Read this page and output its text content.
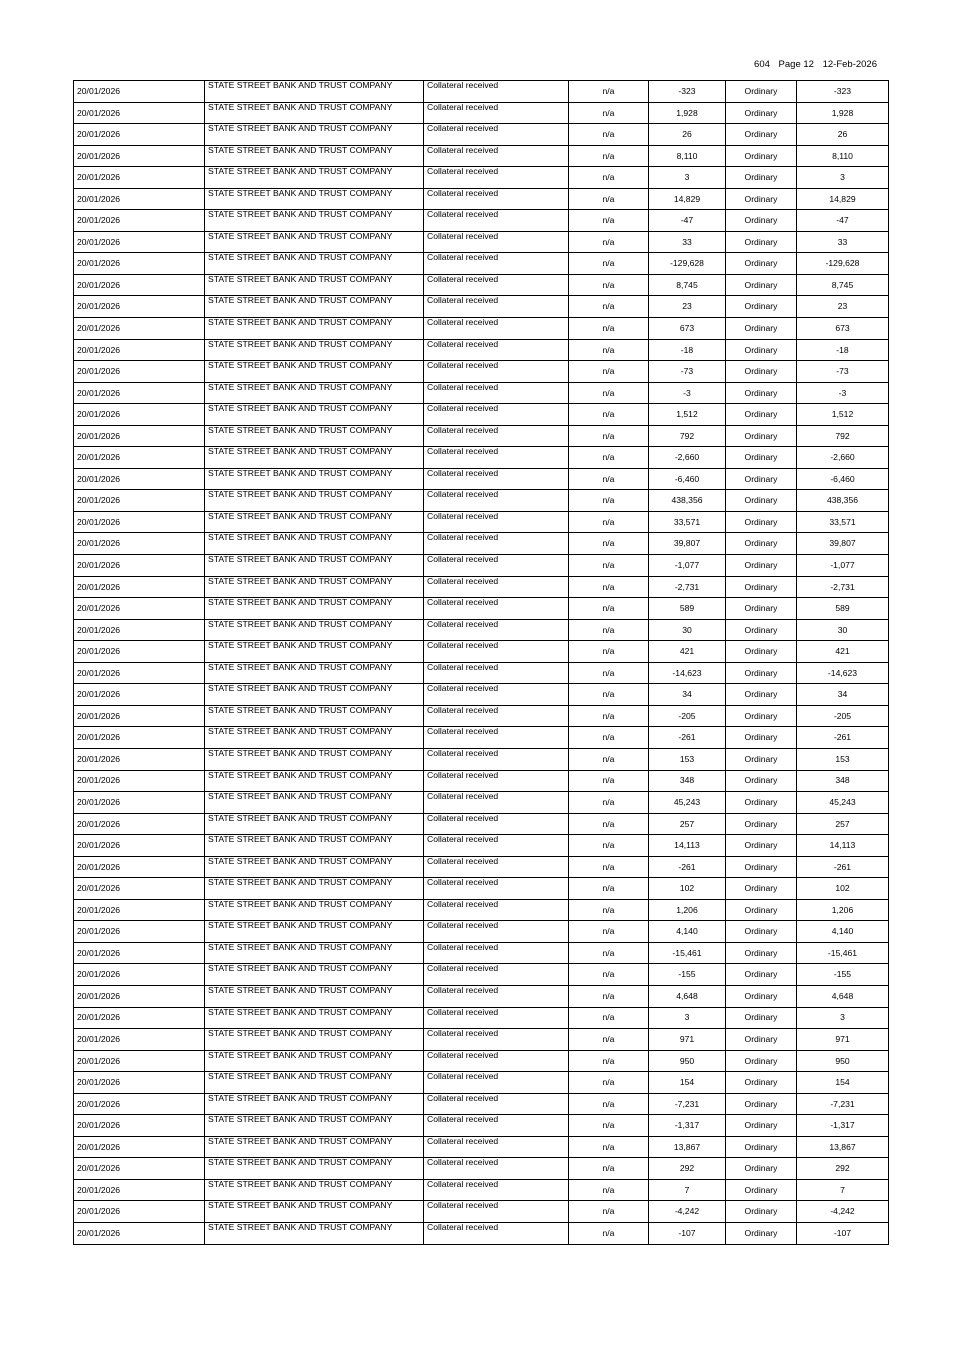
604 Page 12 12-Feb-2026
20/01/2026	STATE STREET BANK AND TRUST COMPANY	Collateral received	n/a	-323	Ordinary	-323
20/01/2026	STATE STREET BANK AND TRUST COMPANY	Collateral received	n/a	1,928	Ordinary	1,928
20/01/2026	STATE STREET BANK AND TRUST COMPANY	Collateral received	n/a	26	Ordinary	26
20/01/2026	STATE STREET BANK AND TRUST COMPANY	Collateral received	n/a	8,110	Ordinary	8,110
20/01/2026	STATE STREET BANK AND TRUST COMPANY	Collateral received	n/a	3	Ordinary	3
20/01/2026	STATE STREET BANK AND TRUST COMPANY	Collateral received	n/a	14,829	Ordinary	14,829
20/01/2026	STATE STREET BANK AND TRUST COMPANY	Collateral received	n/a	-47	Ordinary	-47
20/01/2026	STATE STREET BANK AND TRUST COMPANY	Collateral received	n/a	33	Ordinary	33
20/01/2026	STATE STREET BANK AND TRUST COMPANY	Collateral received	n/a	-129,628	Ordinary	-129,628
20/01/2026	STATE STREET BANK AND TRUST COMPANY	Collateral received	n/a	8,745	Ordinary	8,745
20/01/2026	STATE STREET BANK AND TRUST COMPANY	Collateral received	n/a	23	Ordinary	23
20/01/2026	STATE STREET BANK AND TRUST COMPANY	Collateral received	n/a	673	Ordinary	673
20/01/2026	STATE STREET BANK AND TRUST COMPANY	Collateral received	n/a	-18	Ordinary	-18
20/01/2026	STATE STREET BANK AND TRUST COMPANY	Collateral received	n/a	-73	Ordinary	-73
20/01/2026	STATE STREET BANK AND TRUST COMPANY	Collateral received	n/a	-3	Ordinary	-3
20/01/2026	STATE STREET BANK AND TRUST COMPANY	Collateral received	n/a	1,512	Ordinary	1,512
20/01/2026	STATE STREET BANK AND TRUST COMPANY	Collateral received	n/a	792	Ordinary	792
20/01/2026	STATE STREET BANK AND TRUST COMPANY	Collateral received	n/a	-2,660	Ordinary	-2,660
20/01/2026	STATE STREET BANK AND TRUST COMPANY	Collateral received	n/a	-6,460	Ordinary	-6,460
20/01/2026	STATE STREET BANK AND TRUST COMPANY	Collateral received	n/a	438,356	Ordinary	438,356
20/01/2026	STATE STREET BANK AND TRUST COMPANY	Collateral received	n/a	33,571	Ordinary	33,571
20/01/2026	STATE STREET BANK AND TRUST COMPANY	Collateral received	n/a	39,807	Ordinary	39,807
20/01/2026	STATE STREET BANK AND TRUST COMPANY	Collateral received	n/a	-1,077	Ordinary	-1,077
20/01/2026	STATE STREET BANK AND TRUST COMPANY	Collateral received	n/a	-2,731	Ordinary	-2,731
20/01/2026	STATE STREET BANK AND TRUST COMPANY	Collateral received	n/a	589	Ordinary	589
20/01/2026	STATE STREET BANK AND TRUST COMPANY	Collateral received	n/a	30	Ordinary	30
20/01/2026	STATE STREET BANK AND TRUST COMPANY	Collateral received	n/a	421	Ordinary	421
20/01/2026	STATE STREET BANK AND TRUST COMPANY	Collateral received	n/a	-14,623	Ordinary	-14,623
20/01/2026	STATE STREET BANK AND TRUST COMPANY	Collateral received	n/a	34	Ordinary	34
20/01/2026	STATE STREET BANK AND TRUST COMPANY	Collateral received	n/a	-205	Ordinary	-205
20/01/2026	STATE STREET BANK AND TRUST COMPANY	Collateral received	n/a	-261	Ordinary	-261
20/01/2026	STATE STREET BANK AND TRUST COMPANY	Collateral received	n/a	153	Ordinary	153
20/01/2026	STATE STREET BANK AND TRUST COMPANY	Collateral received	n/a	348	Ordinary	348
20/01/2026	STATE STREET BANK AND TRUST COMPANY	Collateral received	n/a	45,243	Ordinary	45,243
20/01/2026	STATE STREET BANK AND TRUST COMPANY	Collateral received	n/a	257	Ordinary	257
20/01/2026	STATE STREET BANK AND TRUST COMPANY	Collateral received	n/a	14,113	Ordinary	14,113
20/01/2026	STATE STREET BANK AND TRUST COMPANY	Collateral received	n/a	-261	Ordinary	-261
20/01/2026	STATE STREET BANK AND TRUST COMPANY	Collateral received	n/a	102	Ordinary	102
20/01/2026	STATE STREET BANK AND TRUST COMPANY	Collateral received	n/a	1,206	Ordinary	1,206
20/01/2026	STATE STREET BANK AND TRUST COMPANY	Collateral received	n/a	4,140	Ordinary	4,140
20/01/2026	STATE STREET BANK AND TRUST COMPANY	Collateral received	n/a	-15,461	Ordinary	-15,461
20/01/2026	STATE STREET BANK AND TRUST COMPANY	Collateral received	n/a	-155	Ordinary	-155
20/01/2026	STATE STREET BANK AND TRUST COMPANY	Collateral received	n/a	4,648	Ordinary	4,648
20/01/2026	STATE STREET BANK AND TRUST COMPANY	Collateral received	n/a	3	Ordinary	3
20/01/2026	STATE STREET BANK AND TRUST COMPANY	Collateral received	n/a	971	Ordinary	971
20/01/2026	STATE STREET BANK AND TRUST COMPANY	Collateral received	n/a	950	Ordinary	950
20/01/2026	STATE STREET BANK AND TRUST COMPANY	Collateral received	n/a	154	Ordinary	154
20/01/2026	STATE STREET BANK AND TRUST COMPANY	Collateral received	n/a	-7,231	Ordinary	-7,231
20/01/2026	STATE STREET BANK AND TRUST COMPANY	Collateral received	n/a	-1,317	Ordinary	-1,317
20/01/2026	STATE STREET BANK AND TRUST COMPANY	Collateral received	n/a	13,867	Ordinary	13,867
20/01/2026	STATE STREET BANK AND TRUST COMPANY	Collateral received	n/a	292	Ordinary	292
20/01/2026	STATE STREET BANK AND TRUST COMPANY	Collateral received	n/a	7	Ordinary	7
20/01/2026	STATE STREET BANK AND TRUST COMPANY	Collateral received	n/a	-4,242	Ordinary	-4,242
20/01/2026	STATE STREET BANK AND TRUST COMPANY	Collateral received	n/a	-107	Ordinary	-107
